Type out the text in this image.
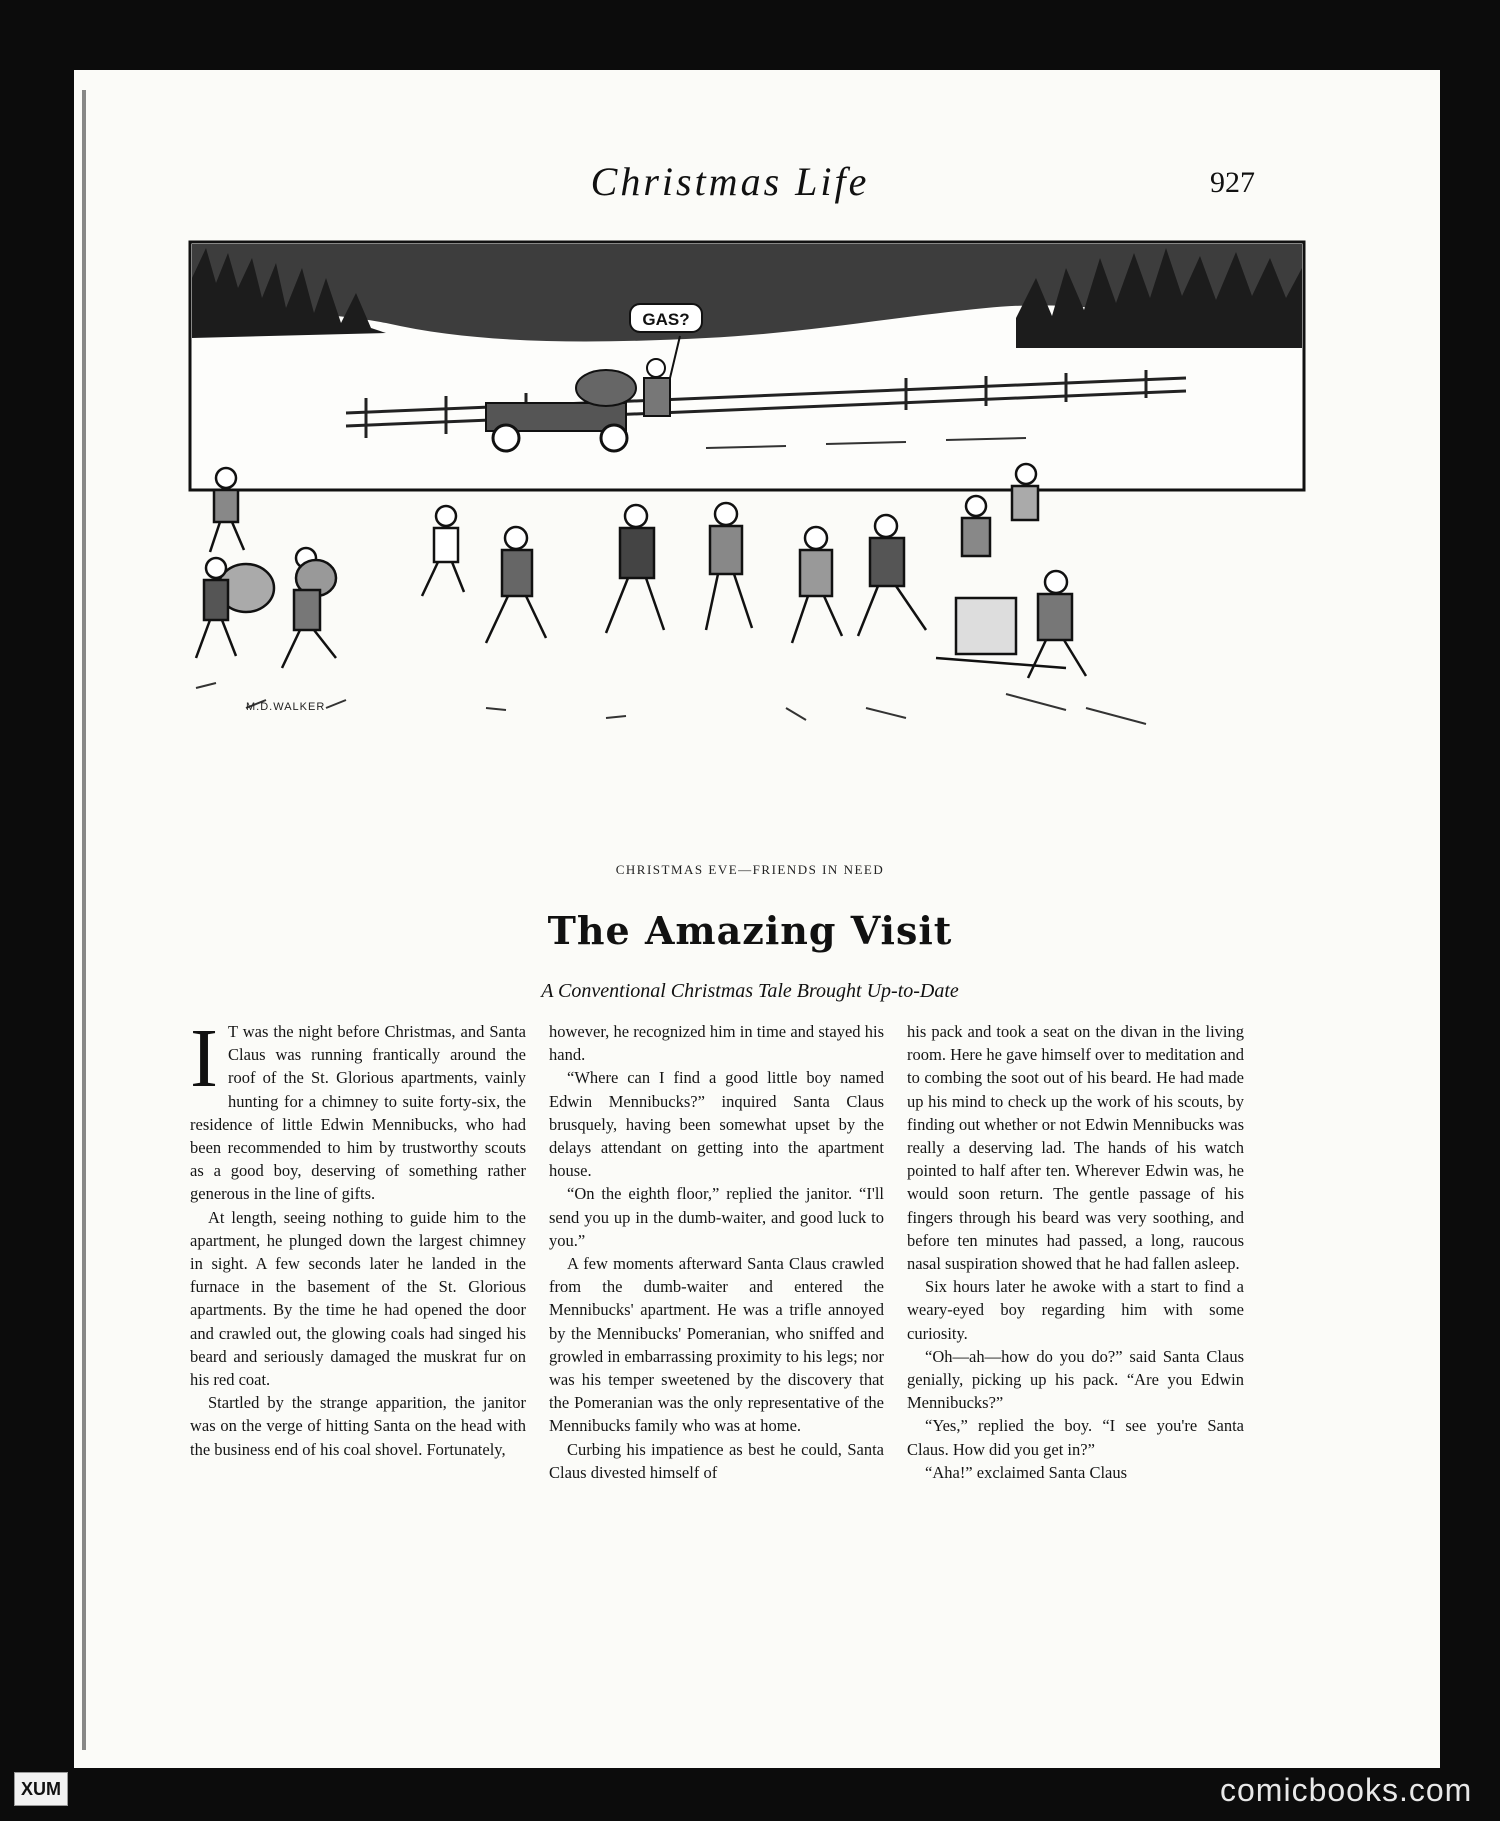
Christmas Life	927
GAS?
M.D.WALKER
CHRISTMAS EVE—FRIENDS IN NEED
The Amazing Visit
A Conventional Christmas Tale Brought Up-to-Date
I T was the night before Christmas, and Santa Claus was running frantically around the roof of the St. Glorious apartments, vainly hunting for a chimney to suite forty-six, the residence of little Edwin Mennibucks, who had been recommended to him by trustworthy scouts as a good boy, deserving of something rather generous in the line of gifts.

At length, seeing nothing to guide him to the apartment, he plunged down the largest chimney in sight. A few seconds later he landed in the furnace in the basement of the St. Glorious apartments. By the time he had opened the door and crawled out, the glowing coals had singed his beard and seriously damaged the muskrat fur on his red coat.

Startled by the strange apparition, the janitor was on the verge of hitting Santa on the head with the business end of his coal shovel. Fortunately,

however, he recognized him in time and stayed his hand.

“Where can I find a good little boy named Edwin Mennibucks?” inquired Santa Claus brusquely, having been somewhat upset by the delays attendant on getting into the apartment house.

“On the eighth floor,” replied the janitor. “I'll send you up in the dumb-waiter, and good luck to you.”

A few moments afterward Santa Claus crawled from the dumb-waiter and entered the Mennibucks' apartment. He was a trifle annoyed by the Mennibucks' Pomeranian, who sniffed and growled in embarrassing proximity to his legs; nor was his temper sweetened by the discovery that the Pomeranian was the only representative of the Mennibucks family who was at home.

Curbing his impatience as best he could, Santa Claus divested himself of

his pack and took a seat on the divan in the living room. Here he gave himself over to meditation and to combing the soot out of his beard. He had made up his mind to check up the work of his scouts, by finding out whether or not Edwin Mennibucks was really a deserving lad. The hands of his watch pointed to half after ten. Wherever Edwin was, he would soon return. The gentle passage of his fingers through his beard was very soothing, and before ten minutes had passed, a long, raucous nasal suspiration showed that he had fallen asleep.

Six hours later he awoke with a start to find a weary-eyed boy regarding him with some curiosity.

“Oh—ah—how do you do?” said Santa Claus genially, picking up his pack. “Are you Edwin Mennibucks?”

“Yes,” replied the boy. “I see you're Santa Claus. How did you get in?”

“Aha!” exclaimed Santa Claus

XUM	comicbooks.com
